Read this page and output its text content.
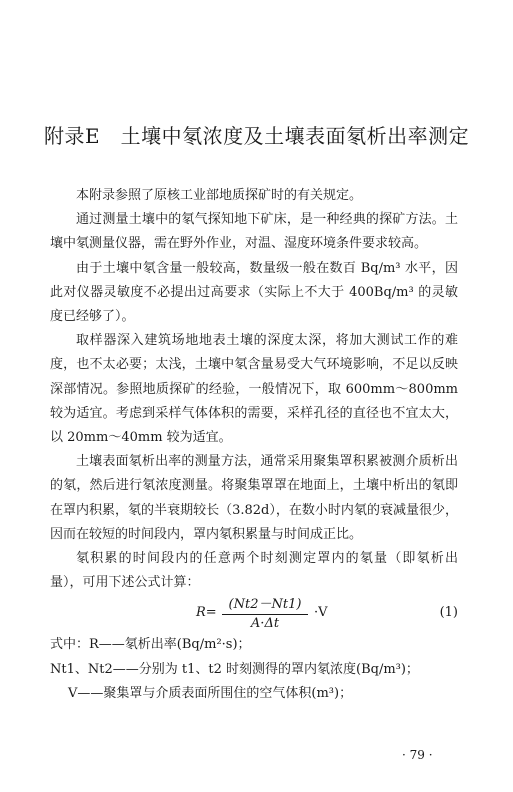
附录E　土壤中氡浓度及土壤表面氡析出率测定

本附录参照了原核工业部地质探矿时的有关规定。

通过测量土壤中的氡气探知地下矿床，是一种经典的探矿方法。土壤中氡测量仪器，需在野外作业，对温、湿度环境条件要求较高。

由于土壤中氡含量一般较高，数量级一般在数百 Bq/m³ 水平，因此对仪器灵敏度不必提出过高要求（实际上不大于 400Bq/m³ 的灵敏度已经够了）。

取样器深入建筑场地地表土壤的深度太深，将加大测试工作的难度，也不太必要；太浅，土壤中氡含量易受大气环境影响，不足以反映深部情况。参照地质探矿的经验，一般情况下，取 600mm～800mm 较为适宜。考虑到采样气体体积的需要，采样孔径的直径也不宜太大，以 20mm～40mm 较为适宜。

土壤表面氡析出率的测量方法，通常采用聚集罩积累被测介质析出的氡，然后进行氡浓度测量。将聚集罩罩在地面上，土壤中析出的氡即在罩内积累，氡的半衰期较长（3.82d），在数小时内氡的衰减量很少，因而在较短的时间段内，罩内氡积累量与时间成正比。

氡积累的时间段内的任意两个时刻测定罩内的氡量（即氡析出量），可用下述公式计算：

$R= \frac{(Nt2-Nt1)}{A\cdot\Delta t} \cdot V$	(1)

式中：R——氡析出率(Bq/m²·s)；

Nt1、Nt2——分别为 t1、t2 时刻测得的罩内氡浓度(Bq/m³)；

V——聚集罩与介质表面所围住的空气体积(m³)；

· 79 ·
